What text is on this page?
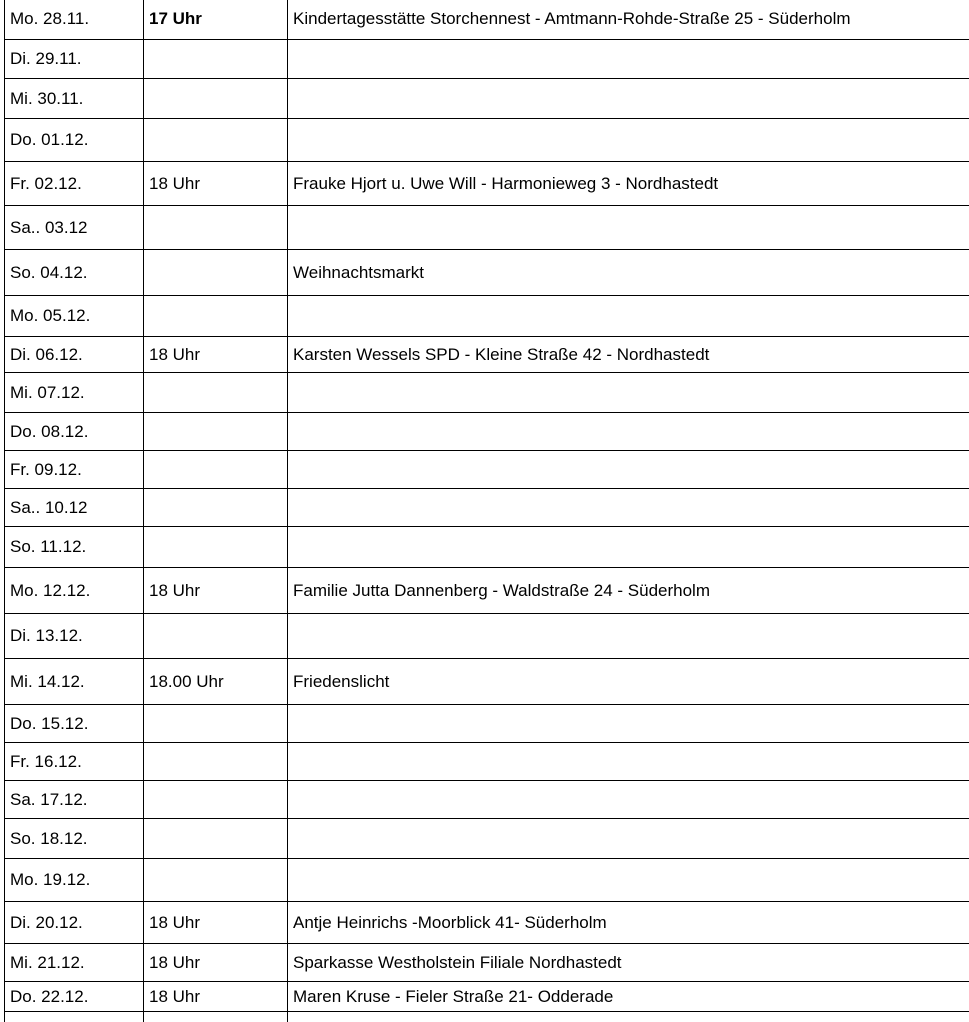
Mo. 28.11.	17 Uhr	Kindertagesstätte Storchennest - Amtmann-Rohde-Straße 25 - Süderholm
Di. 29.11.		
Mi. 30.11.		
Do. 01.12.		
Fr. 02.12.	18 Uhr	Frauke Hjort u. Uwe Will - Harmonieweg 3 - Nordhastedt
Sa.. 03.12		
So. 04.12.		Weihnachtsmarkt
Mo. 05.12.		
Di. 06.12.	18 Uhr	Karsten Wessels SPD - Kleine Straße 42 - Nordhastedt
Mi. 07.12.		
Do. 08.12.		
Fr. 09.12.		
Sa.. 10.12		
So. 11.12.		
Mo. 12.12.	18 Uhr	Familie Jutta Dannenberg - Waldstraße 24 - Süderholm
Di. 13.12.		
Mi. 14.12.	18.00 Uhr	Friedenslicht
Do. 15.12.		
Fr. 16.12.		
Sa. 17.12.		
So. 18.12.		
Mo. 19.12.		
Di. 20.12.	18 Uhr	Antje Heinrichs -Moorblick 41- Süderholm
Mi. 21.12.	18 Uhr	Sparkasse Westholstein Filiale Nordhastedt
Do. 22.12.	18 Uhr	Maren Kruse - Fieler Straße 21- Odderade
